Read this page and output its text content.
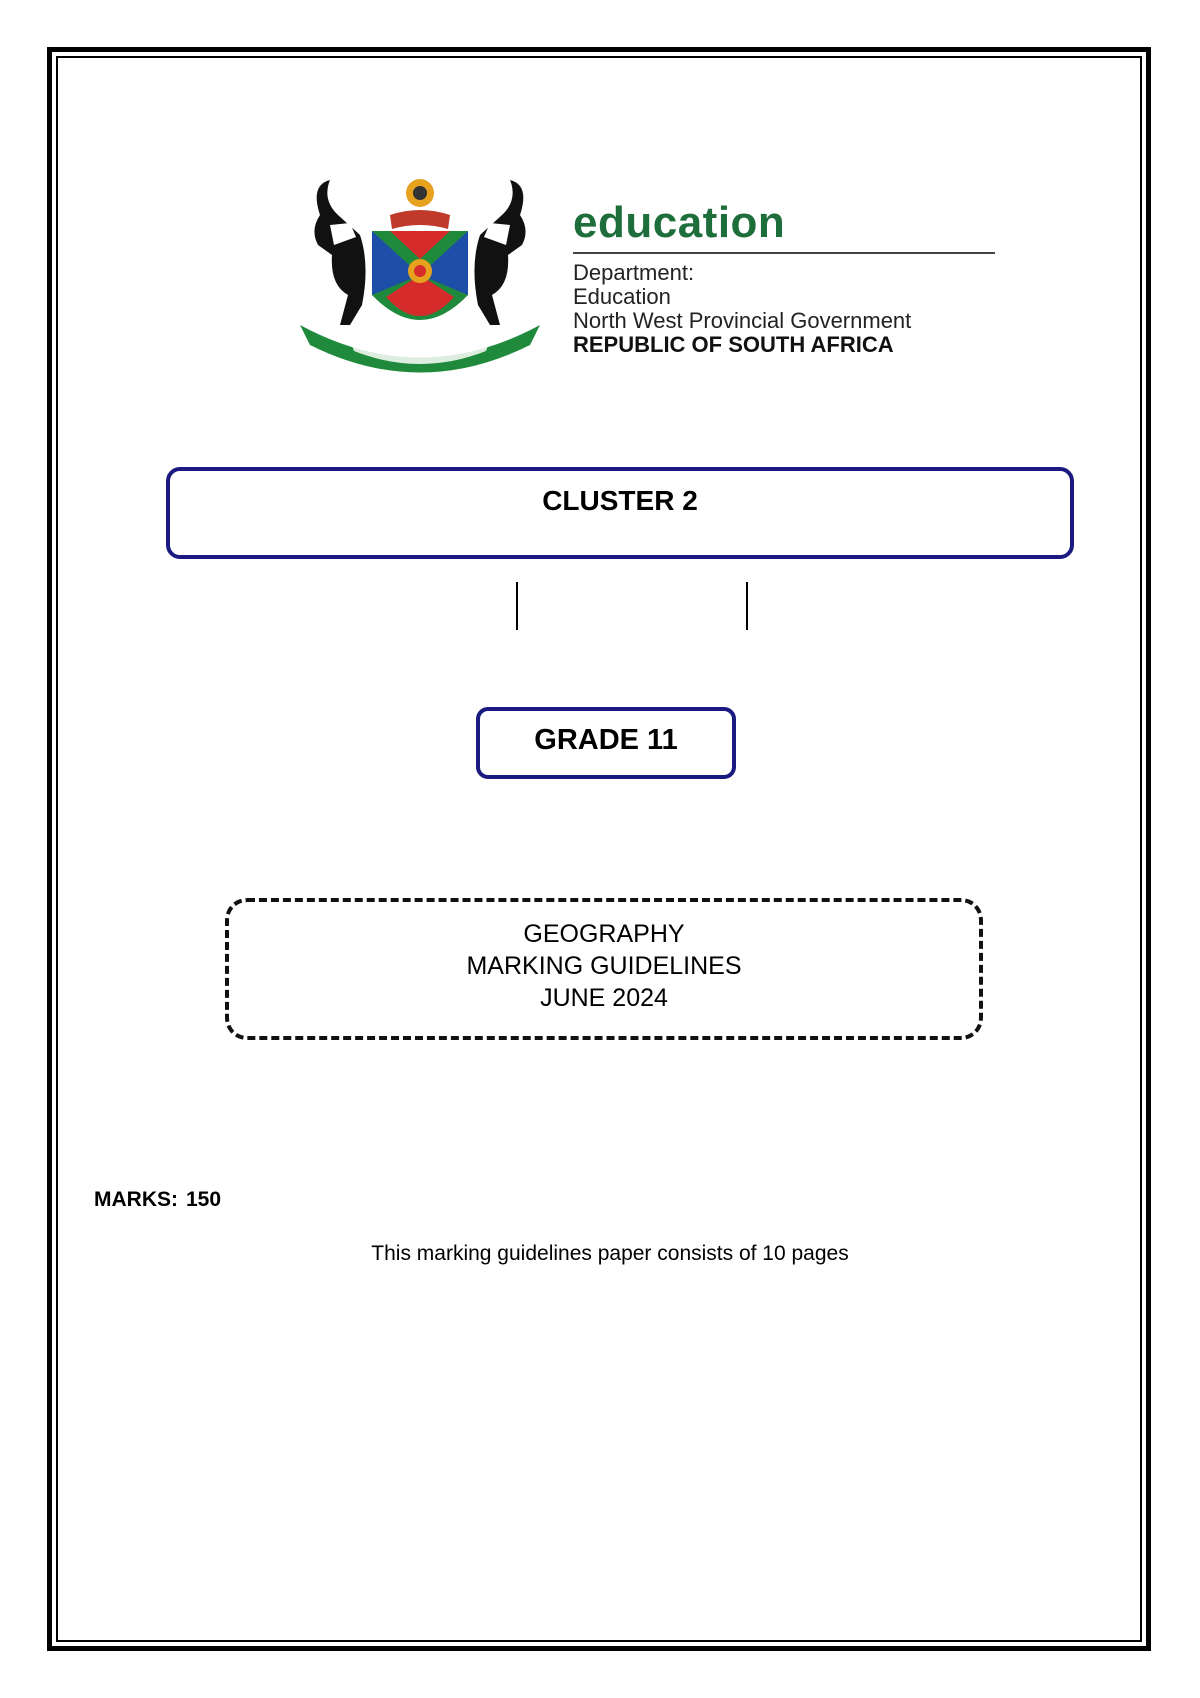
education
Department:
Education
North West Provincial Government
REPUBLIC OF SOUTH AFRICA
CLUSTER 2
GRADE 11
GEOGRAPHY
MARKING GUIDELINES
JUNE 2024
MARKS: 150
This marking guidelines paper consists of 10 pages
